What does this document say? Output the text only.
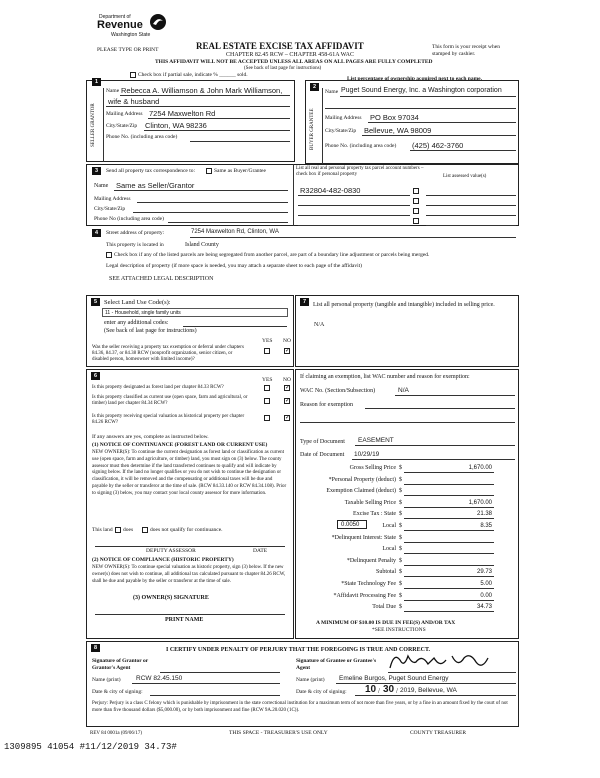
Department of
Revenue
Washington State
PLEASE TYPE OR PRINT	REAL ESTATE EXCISE TAX AFFIDAVIT
CHAPTER 82.45 RCW – CHAPTER 458-61A WAC
THIS AFFIDAVIT WILL NOT BE ACCEPTED UNLESS ALL AREAS ON ALL PAGES ARE FULLY COMPLETED
(See back of last page for instructions)
This form is your receipt when stamped by cashier.
Check box if partial sale, indicate % ______ sold.
List percentage of ownership acquired next to each name.
1
SELLER GRANTOR
Name Rebecca A. Williamson & John Mark Williamson,
wife & husband
Mailing Address 7254 Maxwelton Rd
City/State/Zip Clinton, WA 98236
Phone No. (including area code)
2
BUYER GRANTEE
Name Puget Sound Energy, Inc. a Washington corporation
Mailing Address PO Box 97034
City/State/Zip Bellevue, WA 98009
Phone No. (including area code) (425) 462-3760
3	Send all property tax correspondence to:	Same as Buyer/Grantee
Name Same as Seller/Grantor
Mailing Address
City/State/Zip
Phone No (including area code)
List all real and personal property tax parcel account numbers – check box if personal property	List assessed value(s)
R32804-482-0830
4	Street address of property:	7254 Maxwelton Rd, Clinton, WA
This property is located in	Island County
Check box if any of the listed parcels are being segregated from another parcel, are part of a boundary line adjustment or parcels being merged.
Legal description of property (if more space is needed, you may attach a separate sheet to each page of the affidavit)
SEE ATTACHED LEGAL DESCRIPTION
5	Select Land Use Code(s):
11 - Household, single family units
enter any additional codes:
(See back of last page for instructions)
YES NO
Was the seller receiving a property tax exemption or deferral under chapters 84.36, 84.37, or 84.38 RCW (nonprofit organization, senior citizen, or disabled person, homeowner with limited income)?
✓
6
YES NO
Is this property designated as forest land per chapter 84.33 RCW?	✓
Is this property classified as current use (open space, farm and agricultural, or timber) land per chapter 84.34 RCW?	✓
Is this property receiving special valuation as historical property per chapter 84.26 RCW?
✓
If any answers are yes, complete as instructed below.
(1) NOTICE OF CONTINUANCE (FOREST LAND OR CURRENT USE)
NEW OWNER(S): To continue the current designation as forest land or classification as current use (open space, farm and agriculture, or timber) land, you must sign on (3) below. The county assessor must then determine if the land transferred continues to qualify and will indicate by signing below. If the land no longer qualifies or you do not wish to continue the designation or classification, it will be removed and the compensating or additional taxes will be due and payable by the seller or transferor at the time of sale. (RCW 84.33.140 or RCW 84.34.108). Prior to signing (3) below, you may contact your local county assessor for more information.
This land does	does not qualify for continuance.
DEPUTY ASSESSOR	DATE
(2) NOTICE OF COMPLIANCE (HISTORIC PROPERTY)
NEW OWNER(S): To continue special valuation as historic property, sign (3) below. If the new owner(s) does not wish to continue, all additional tax calculated pursuant to chapter 84.26 RCW, shall be due and payable by the seller or transferor at the time of sale.
(3) OWNER(S) SIGNATURE
PRINT NAME
7	List all personal property (tangible and intangible) included in selling price.
N/A
If claiming an exemption, list WAC number and reason for exemption:
WAC No. (Section/Subsection)	N/A
Reason for exemption
Type of Document EASEMENT
Date of Document 10/29/19
Gross Selling Price $	1,670.00
*Personal Property (deduct) $
Exemption Claimed (deduct) $
Taxable Selling Price $	1,670.00
Excise Tax : State $	21.38
Local $	8.35
*Delinquent Interest: State $
Local $
*Delinquent Penalty $
Subtotal $	29.73
*State Technology Fee $	5.00
*Affidavit Processing Fee $	0.00
Total Due $	34.73
0.0050
A MINIMUM OF $10.00 IS DUE IN FEE(S) AND/OR TAX
*SEE INSTRUCTIONS
8	I CERTIFY UNDER PENALTY OF PERJURY THAT THE FOREGOING IS TRUE AND CORRECT.
Signature of Grantor or Grantor's Agent
Name (print) RCW 82.45.150
Date & city of signing:
Signature of Grantee or Grantee's Agent
Name (print) Emeline Burgos, Puget Sound Energy
Date & city of signing: 10 / 30 / 2019, Bellevue, WA
Perjury: Perjury is a class C felony which is punishable by imprisonment in the state correctional institution for a maximum term of not more than five years, or by a fine in an amount fixed by the court of not more than five thousand dollars ($5,000.00), or by both imprisonment and fine (RCW 9A.20.020 (1C)).
REV 84 0001a (09/06/17)	THIS SPACE - TREASURER'S USE ONLY	COUNTY TREASURER
1309895 41054 #11/12/2019 34.73#
